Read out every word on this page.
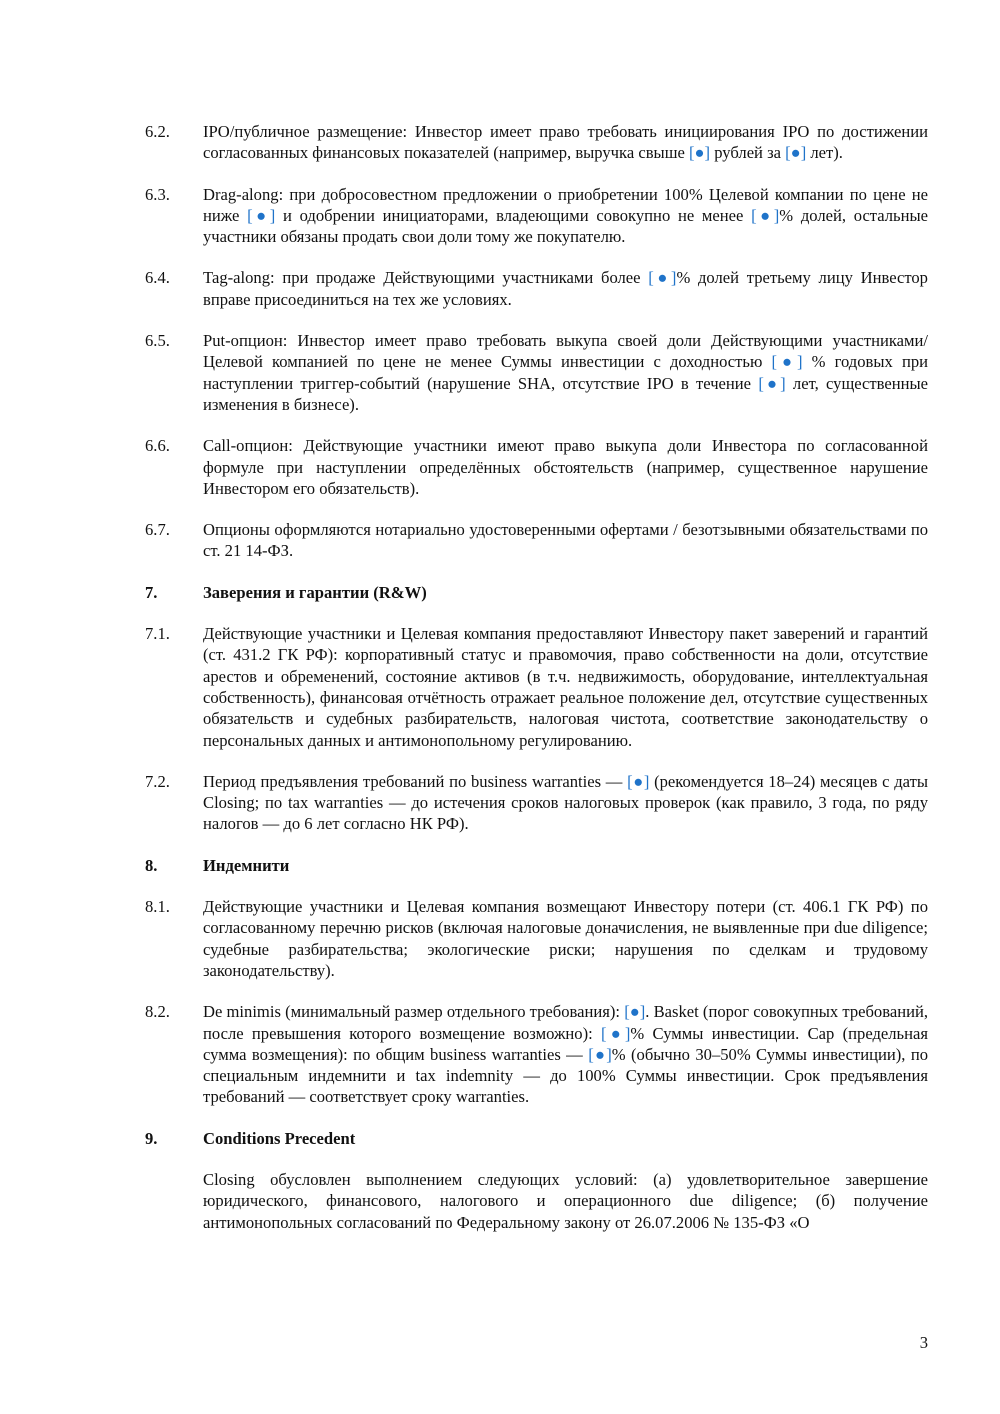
6.2.	IPO/публичное размещение: Инвестор имеет право требовать инициирования IPO по достижении согласованных финансовых показателей (например, выручка свыше [●] рублей за [●] лет).
6.3.	Drag-along: при добросовестном предложении о приобретении 100% Целевой компании по цене не ниже [●] и одобрении инициаторами, владеющими совокупно не менее [●]% долей, остальные участники обязаны продать свои доли тому же покупателю.
6.4.	Tag-along: при продаже Действующими участниками более [●]% долей третьему лицу Инвестор вправе присоединиться на тех же условиях.
6.5.	Put-опцион: Инвестор имеет право требовать выкупа своей доли Действующими участниками/Целевой компанией по цене не менее Суммы инвестиции с доходностью [●] % годовых при наступлении триггер-событий (нарушение SHA, отсутствие IPO в течение [●] лет, существенные изменения в бизнесе).
6.6.	Call-опцион: Действующие участники имеют право выкупа доли Инвестора по согласованной формуле при наступлении определённых обстоятельств (например, существенное нарушение Инвестором его обязательств).
6.7.	Опционы оформляются нотариально удостоверенными офертами / безотзывными обязательствами по ст. 21 14-ФЗ.
7.	Заверения и гарантии (R&W)
7.1.	Действующие участники и Целевая компания предоставляют Инвестору пакет заверений и гарантий (ст. 431.2 ГК РФ): корпоративный статус и правомочия, право собственности на доли, отсутствие арестов и обременений, состояние активов (в т.ч. недвижимость, оборудование, интеллектуальная собственность), финансовая отчётность отражает реальное положение дел, отсутствие существенных обязательств и судебных разбирательств, налоговая чистота, соответствие законодательству о персональных данных и антимонопольному регулированию.
7.2.	Период предъявления требований по business warranties — [●] (рекомендуется 18–24) месяцев с даты Closing; по tax warranties — до истечения сроков налоговых проверок (как правило, 3 года, по ряду налогов — до 6 лет согласно НК РФ).
8.	Индемнити
8.1.	Действующие участники и Целевая компания возмещают Инвестору потери (ст. 406.1 ГК РФ) по согласованному перечню рисков (включая налоговые доначисления, не выявленные при due diligence; судебные разбирательства; экологические риски; нарушения по сделкам и трудовому законодательству).
8.2.	De minimis (минимальный размер отдельного требования): [●]. Basket (порог совокупных требований, после превышения которого возмещение возможно): [●]% Суммы инвестиции. Cap (предельная сумма возмещения): по общим business warranties — [●]% (обычно 30–50% Суммы инвестиции), по специальным индемнити и tax indemnity — до 100% Суммы инвестиции. Срок предъявления требований — соответствует сроку warranties.
9.	Conditions Precedent
Closing обусловлен выполнением следующих условий: (а) удовлетворительное завершение юридического, финансового, налогового и операционного due diligence; (б) получение антимонопольных согласований по Федеральному закону от 26.07.2006 № 135-ФЗ «О
3
